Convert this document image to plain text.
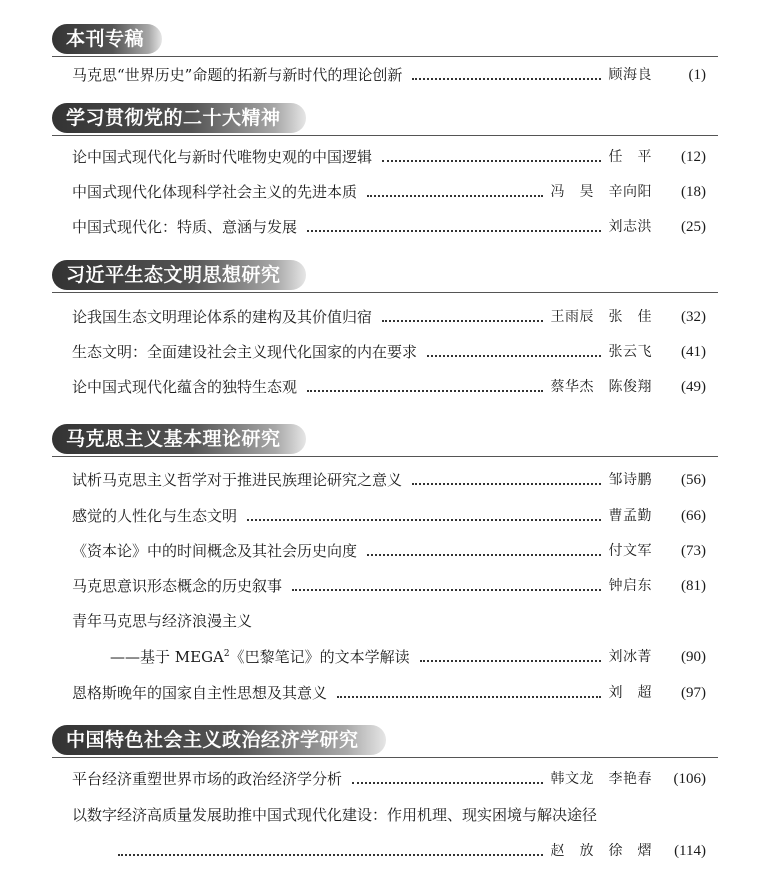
本刊专稿
马克思“世界历史”命题的拓新与新时代的理论创新	顾海良	(1)
学习贯彻党的二十大精神
论中国式现代化与新时代唯物史观的中国逻辑	任　平	(12)
中国式现代化体现科学社会主义的先进本质	冯　昊　辛向阳	(18)
中国式现代化：特质、意涵与发展	刘志洪	(25)
习近平生态文明思想研究
论我国生态文明理论体系的建构及其价值归宿	王雨辰　张　佳	(32)
生态文明：全面建设社会主义现代化国家的内在要求	张云飞	(41)
论中国式现代化蕴含的独特生态观	蔡华杰　陈俊翔	(49)
马克思主义基本理论研究
试析马克思主义哲学对于推进民族理论研究之意义	邹诗鹏	(56)
感觉的人性化与生态文明	曹孟勤	(66)
《资本论》中的时间概念及其社会历史向度	付文军	(73)
马克思意识形态概念的历史叙事	钟启东	(81)
青年马克思与经济浪漫主义
——基于 MEGA$^2$《巴黎笔记》的文本学解读	刘冰菁	(90)
恩格斯晚年的国家自主性思想及其意义	刘　超	(97)
中国特色社会主义政治经济学研究
平台经济重塑世界市场的政治经济学分析	韩文龙　李艳春	(106)
以数字经济高质量发展助推中国式现代化建设：作用机理、现实困境与解决途径
赵　放　徐　熠	(114)
